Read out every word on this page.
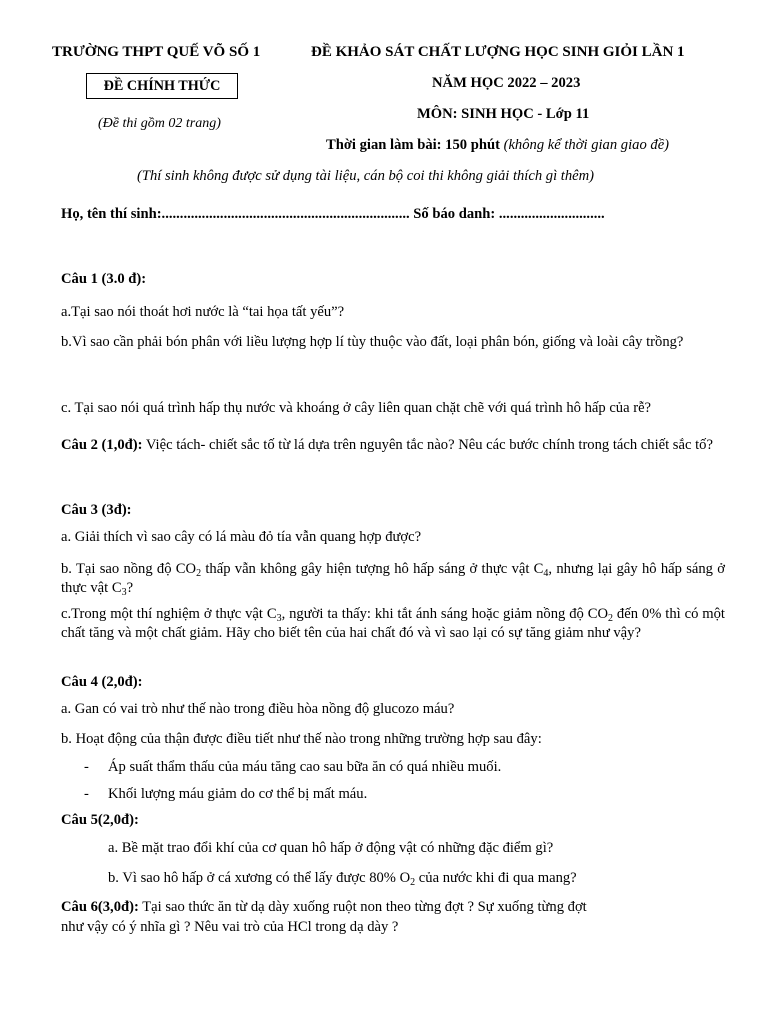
TRƯỜNG THPT QUẾ VÕ SỐ 1	ĐỀ KHẢO SÁT CHẤT LƯỢNG HỌC SINH GIỎI LẦN 1
ĐỀ CHÍNH THỨC	NĂM HỌC 2022 – 2023
MÔN: SINH HỌC - Lớp 11
(Đề thi gồm 02 trang)
Thời gian làm bài: 150 phút (không kể thời gian giao đề)
(Thí sinh không được sử dụng tài liệu, cán bộ coi thi không giải thích gì thêm)
Họ, tên thí sinh:.................................................................... Số báo danh: .............................
Câu 1 (3.0 đ):
a.Tại sao nói thoát hơi nước là “tai họa tất yếu”?
b.Vì sao cần phải bón phân với liều lượng hợp lí tùy thuộc vào đất, loại phân bón, giống và loài cây trồng?
c. Tại sao nói quá trình hấp thụ nước và khoáng ở cây liên quan chặt chẽ với quá trình hô hấp của rễ?
Câu 2 (1,0đ): Việc tách- chiết sắc tố từ lá dựa trên nguyên tắc nào? Nêu các bước chính trong tách chiết sắc tố?
Câu 3 (3đ):
a. Giải thích vì sao cây có lá màu đỏ tía vẫn quang hợp được?
b. Tại sao nồng độ $CO_2$ thấp vẫn không gây hiện tượng hô hấp sáng ở thực vật $C_4$, nhưng lại gây hô hấp sáng ở thực vật $C_3$?
c.Trong một thí nghiệm ở thực vật $C_3$, người ta thấy: khi tắt ánh sáng hoặc giảm nồng độ $CO_2$ đến 0% thì có một chất tăng và một chất giảm. Hãy cho biết tên của hai chất đó và vì sao lại có sự tăng giảm như vậy?
Câu 4 (2,0đ):
a. Gan có vai trò như thế nào trong điều hòa nồng độ glucozo máu?
b. Hoạt động của thận được điều tiết như thế nào trong những trường hợp sau đây:
- Áp suất thẩm thấu của máu tăng cao sau bữa ăn có quá nhiều muối.
- Khối lượng máu giảm do cơ thể bị mất máu.
Câu 5(2,0đ):
a. Bề mặt trao đổi khí của cơ quan hô hấp ở động vật có những đặc điểm gì?
b. Vì sao hô hấp ở cá xương có thể lấy được 80% $O_2$ của nước khi đi qua mang?
Câu 6(3,0đ): Tại sao thức ăn từ dạ dày xuống ruột non theo từng đợt ? Sự xuống từng đợt
như vậy có ý nhĩa gì ? Nêu vai trò của HCl trong dạ dày ?
